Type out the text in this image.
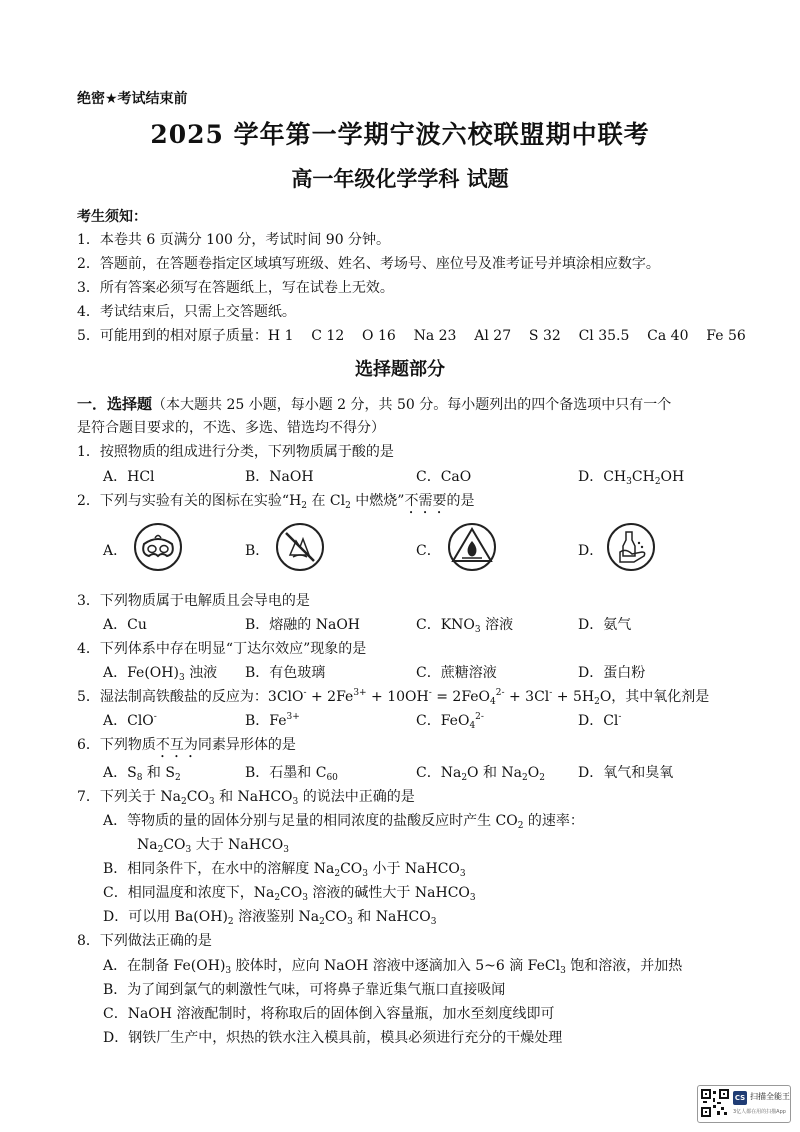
绝密★考试结束前
2025 学年第一学期宁波六校联盟期中联考
高一年级化学学科 试题
考生须知：
1．本卷共 6 页满分 100 分，考试时间 90 分钟。
2．答题前，在答题卷指定区域填写班级、姓名、考场号、座位号及准考证号并填涂相应数字。
3．所有答案必须写在答题纸上，写在试卷上无效。
4．考试结束后，只需上交答题纸。
5．可能用到的相对原子质量：H 1    C 12    O 16    Na 23    Al 27    S 32    Cl 35.5    Ca 40    Fe 56
选择题部分
一．选择题（本大题共 25 小题，每小题 2 分，共 50 分。每小题列出的四个备选项中只有一个
是符合题目要求的，不选、多选、错选均不得分）
1．按照物质的组成进行分类，下列物质属于酸的是
A．HCl	B．NaOH	C．CaO	D．$CH_3CH_2OH$
2．下列与实验有关的图标在实验“$H_2$ 在 $Cl_2$ 中燃烧”不需要的是
A．	B．	C．	D．
3．下列物质属于电解质且会导电的是
A．Cu	B．熔融的 NaOH	C．$KNO_3$ 溶液	D．氨气
4．下列体系中存在明显“丁达尔效应”现象的是
A．$Fe(OH)_3$ 浊液 B．有色玻璃	C．蔗糖溶液	D．蛋白粉
5．湿法制高铁酸盐的反应为：$3ClO^- + 2Fe^{3+} + 10OH^- = 2FeO_4^{2-} + 3Cl^- + 5H_2O$，其中氧化剂是
A．ClO-	B．$Fe^{3+}$	C．FeO$_4^{2-}$	D．Cl-
6．下列物质不互为同素异形体的是
A．$S_8$ 和 $S_2$	B．石墨和 $C_{60}$	C．$Na_2O$ 和 $Na_2O_2$ D．氧气和臭氧
7．下列关于 $Na_2CO_3$ 和 NaHCO$_3$ 的说法中正确的是
A．等物质的量的固体分别与足量的相同浓度的盐酸反应时产生 $CO_2$ 的速率：
$Na_2CO_3$ 大于 NaHCO$_3$
B．相同条件下，在水中的溶解度 $Na_2CO_3$ 小于 NaHCO$_3$
C．相同温度和浓度下，$Na_2CO_3$ 溶液的碱性大于 NaHCO$_3$
D．可以用 $Ba(OH)_2$ 溶液鉴别 $Na_2CO_3$ 和 NaHCO$_3$
8．下列做法正确的是
A．在制备 $Fe(OH)_3$ 胶体时，应向 NaOH 溶液中逐滴加入 5~6 滴 FeCl$_3$ 饱和溶液，并加热
B．为了闻到氯气的刺激性气味，可将鼻子靠近集气瓶口直接吸闻
C．NaOH 溶液配制时，将称取后的固体倒入容量瓶，加水至刻度线即可
D．钢铁厂生产中，炽热的铁水注入模具前，模具必须进行充分的干燥处理
CS 扫描全能王
3亿人都在用的扫描App
